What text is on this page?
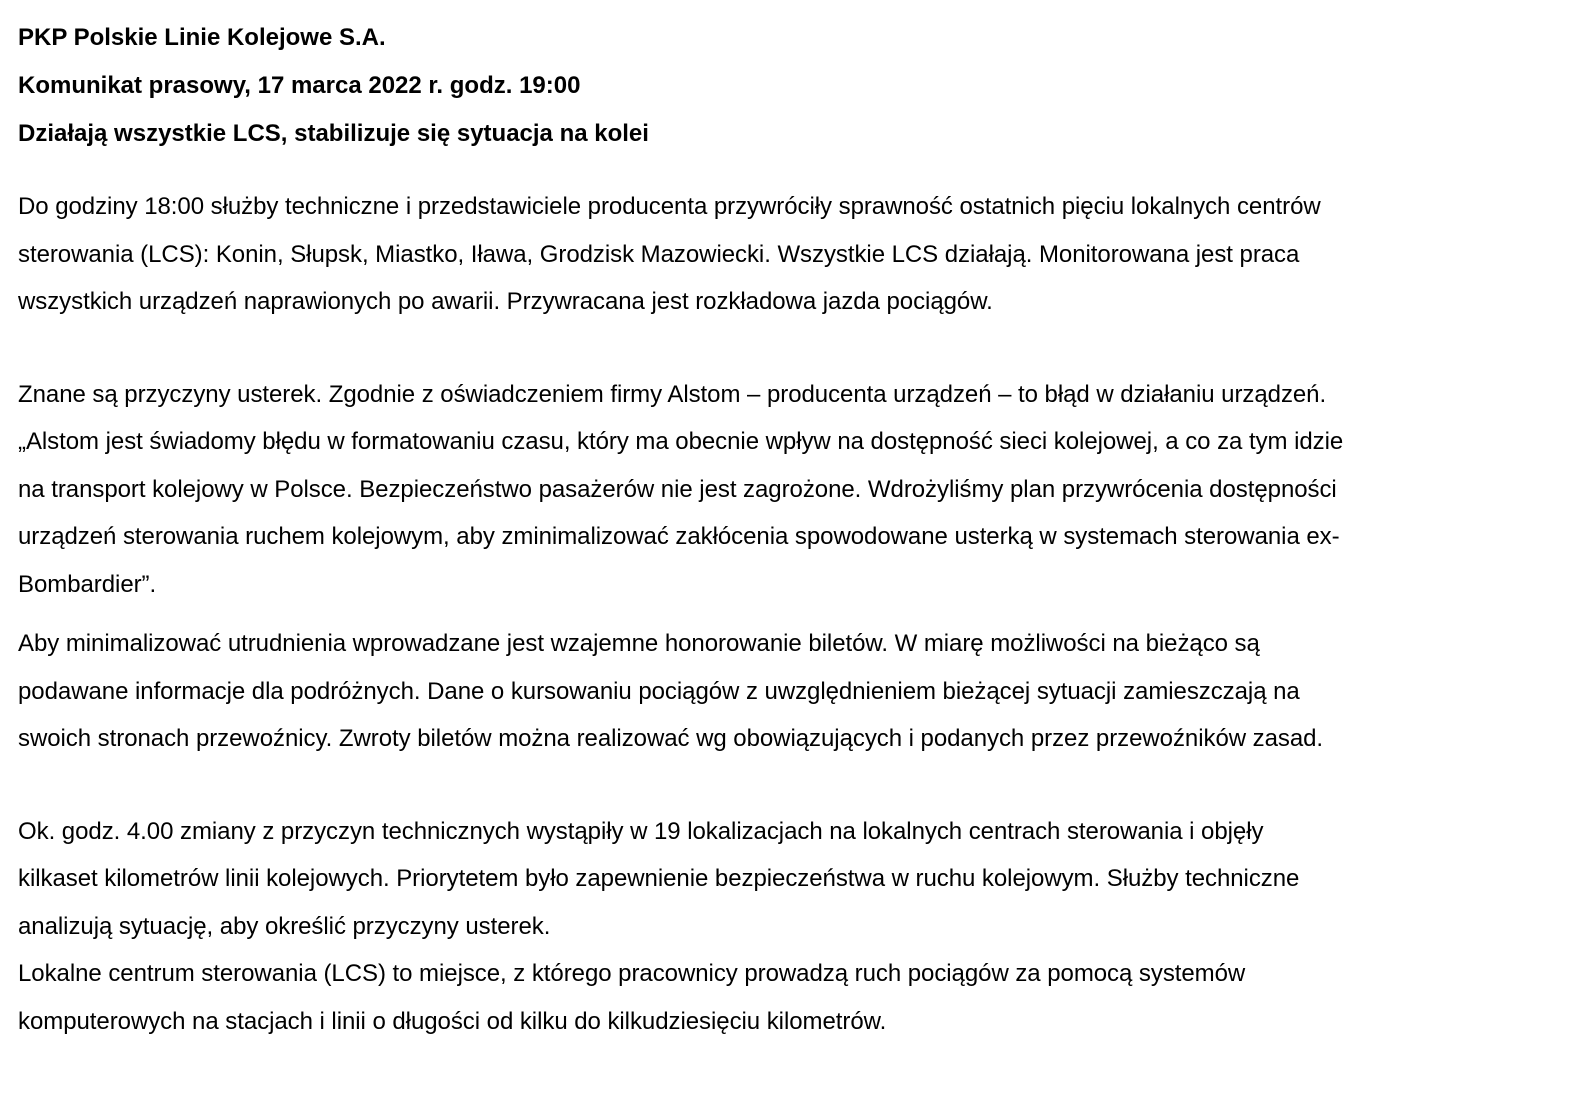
PKP Polskie Linie Kolejowe S.A.
Komunikat prasowy, 17 marca 2022 r. godz. 19:00
Działają wszystkie LCS, stabilizuje się sytuacja na kolei
Do godziny 18:00 służby techniczne i przedstawiciele producenta przywróciły sprawność ostatnich pięciu lokalnych centrów
sterowania (LCS): Konin, Słupsk, Miastko, Iława, Grodzisk Mazowiecki. Wszystkie LCS działają. Monitorowana jest praca
wszystkich urządzeń naprawionych po awarii. Przywracana jest rozkładowa jazda pociągów.
Znane są przyczyny usterek. Zgodnie z oświadczeniem firmy Alstom – producenta urządzeń – to błąd w działaniu urządzeń.
„Alstom jest świadomy błędu w formatowaniu czasu, który ma obecnie wpływ na dostępność sieci kolejowej, a co za tym idzie
na transport kolejowy w Polsce. Bezpieczeństwo pasażerów nie jest zagrożone. Wdrożyliśmy plan przywrócenia dostępności
urządzeń sterowania ruchem kolejowym, aby zminimalizować zakłócenia spowodowane usterką w systemach sterowania ex-
Bombardier”.
Aby minimalizować utrudnienia wprowadzane jest wzajemne honorowanie biletów. W miarę możliwości na bieżąco są
podawane informacje dla podróżnych. Dane o kursowaniu pociągów z uwzględnieniem bieżącej sytuacji zamieszczają na
swoich stronach przewoźnicy. Zwroty biletów można realizować wg obowiązujących i podanych przez przewoźników zasad.
Ok. godz. 4.00 zmiany z przyczyn technicznych wystąpiły w 19 lokalizacjach na lokalnych centrach sterowania i objęły
kilkaset kilometrów linii kolejowych. Priorytetem było zapewnienie bezpieczeństwa w ruchu kolejowym. Służby techniczne
analizują sytuację, aby określić przyczyny usterek.
Lokalne centrum sterowania (LCS) to miejsce, z którego pracownicy prowadzą ruch pociągów za pomocą systemów
komputerowych na stacjach i linii o długości od kilku do kilkudziesięciu kilometrów.
